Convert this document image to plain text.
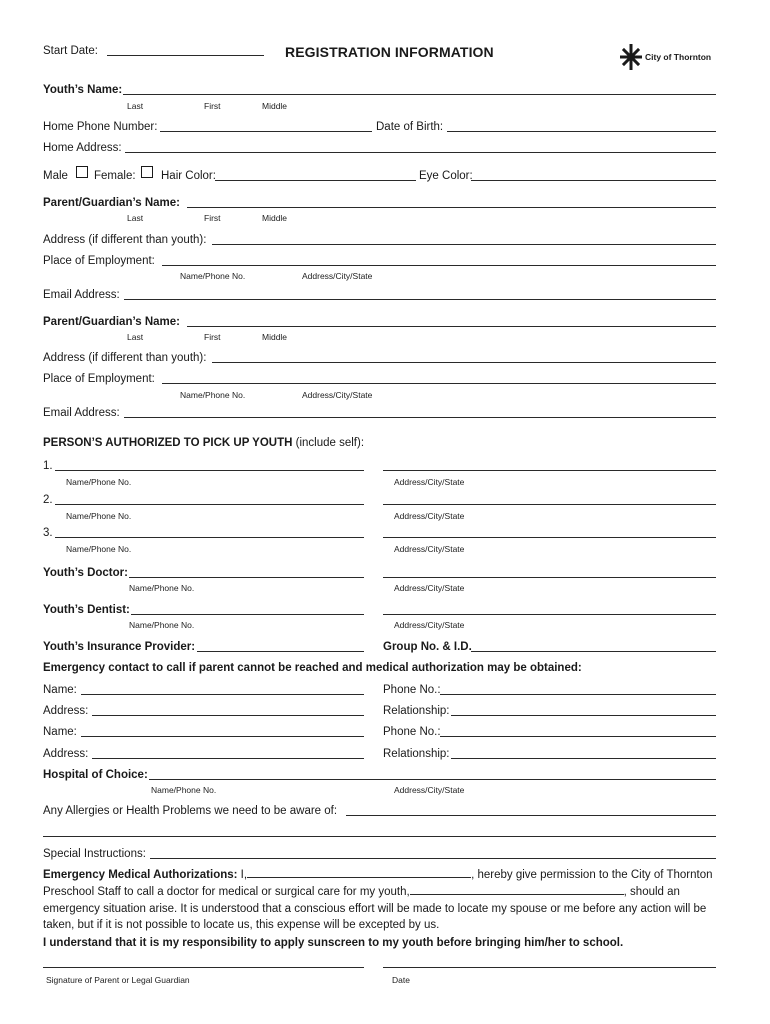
Start Date:	REGISTRATION INFORMATION	City of Thornton
Youth’s Name:
Last	First	Middle
Home Phone Number:	Date of Birth:
Home Address:
Male Female: Hair Color:	Eye Color:
Parent/Guardian’s Name:
Last	First	Middle
Address (if different than youth):
Place of Employment:
Name/Phone No.	Address/City/State
Email Address:
Parent/Guardian’s Name:
Last	First	Middle
Address (if different than youth):
Place of Employment:
Name/Phone No.	Address/City/State
Email Address:
PERSON’S AUTHORIZED TO PICK UP YOUTH (include self):
1.
Name/Phone No.	Address/City/State
2.
Name/Phone No.	Address/City/State
3.
Name/Phone No.	Address/City/State
Youth’s Doctor:
Name/Phone No.	Address/City/State
Youth’s Dentist:
Name/Phone No.	Address/City/State
Youth’s Insurance Provider:	Group No. & I.D.
Emergency contact to call if parent cannot be reached and medical authorization may be obtained:
Name:	Phone No.:
Address:	Relationship:
Name:	Phone No.:
Address:	Relationship:
Hospital of Choice:
Name/Phone No.	Address/City/State
Any Allergies or Health Problems we need to be aware of:
Special Instructions:
Emergency Medical Authorizations: I,	, hereby give permission to the City of Thornton Preschool Staff to call a doctor for medical or surgical care for my youth,	, should an emergency situation arise. It is understood that a conscious effort will be made to locate my spouse or me before any action will be taken, but if it is not possible to locate us, this expense will be excepted by us.
I understand that it is my responsibility to apply sunscreen to my youth before bringing him/her to school.
Signature of Parent or Legal Guardian	Date
